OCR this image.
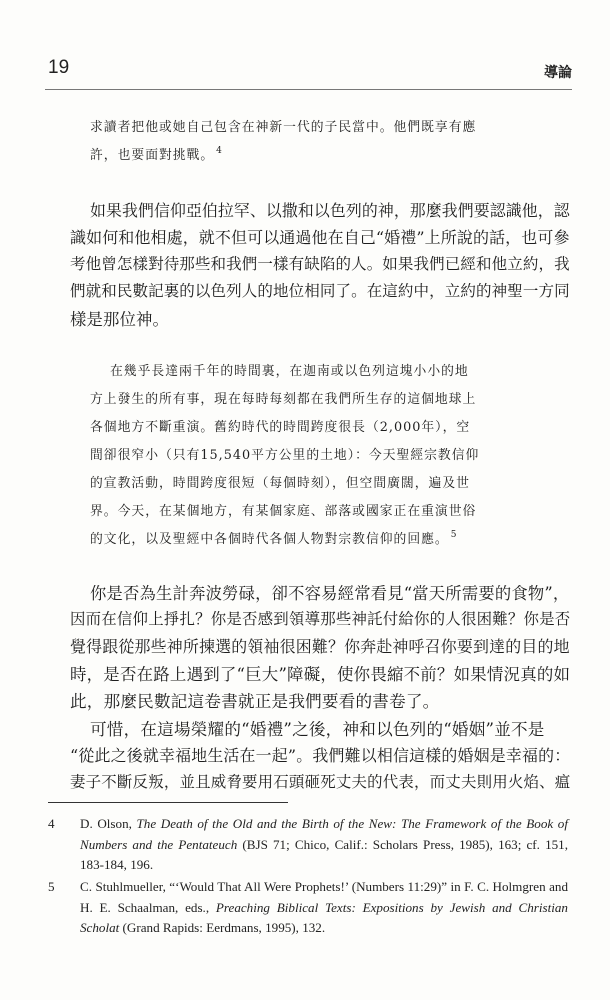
19	導論
求讀者把他或她自己包含在神新一代的子民當中。他們既享有應
許，也要面對挑戰。 $^4$
如果我們信仰亞伯拉罕、以撒和以色列的神，那麼我們要認識他，認
識如何和他相處，就不但可以通過他在自己“婚禮”上所說的話，也可參
考他曾怎樣對待那些和我們一樣有缺陷的人。如果我們已經和他立約，我
們就和民數記裏的以色列人的地位相同了。在這約中，立約的神聖一方同
樣是那位神。
在幾乎長達兩千年的時間裏，在迦南或以色列這塊小小的地
方上發生的所有事，現在每時每刻都在我們所生存的這個地球上
各個地方不斷重演。舊約時代的時間跨度很長（2,000年），空
間卻很窄小（只有15,540平方公里的土地）：今天聖經宗教信仰
的宣教活動，時間跨度很短（每個時刻），但空間廣闊，遍及世
界。今天，在某個地方，有某個家庭、部落或國家正在重演世俗
的文化，以及聖經中各個時代各個人物對宗教信仰的回應。 $^5$
你是否為生計奔波勞碌，卻不容易經常看見“當天所需要的食物”，
因而在信仰上掙扎？你是否感到領導那些神託付給你的人很困難？你是否
覺得跟從那些神所揀選的領袖很困難？你奔赴神呼召你要到達的目的地
時，是否在路上遇到了“巨大”障礙，使你畏縮不前？如果情況真的如
此，那麼民數記這卷書就正是我們要看的書卷了。
可惜，在這場榮耀的“婚禮”之後，神和以色列的“婚姻”並不是
“從此之後就幸福地生活在一起”。我們難以相信這樣的婚姻是幸福的：
妻子不斷反叛，並且威脅要用石頭砸死丈夫的代表，而丈夫則用火焰、瘟
4 D. Olson, The Death of the Old and the Birth of the New: The Framework of the Book of Numbers and the Pentateuch (BJS 71; Chico, Calif.: Scholars Press, 1985), 163; cf. 151, 183-184, 196.
5 C. Stuhlmueller, “‘Would That All Were Prophets!’ (Numbers 11:29)” in F. C. Holmgren and H. E. Schaalman, eds., Preaching Biblical Texts: Expositions by Jewish and Christian Scholat (Grand Rapids: Eerdmans, 1995), 132.
